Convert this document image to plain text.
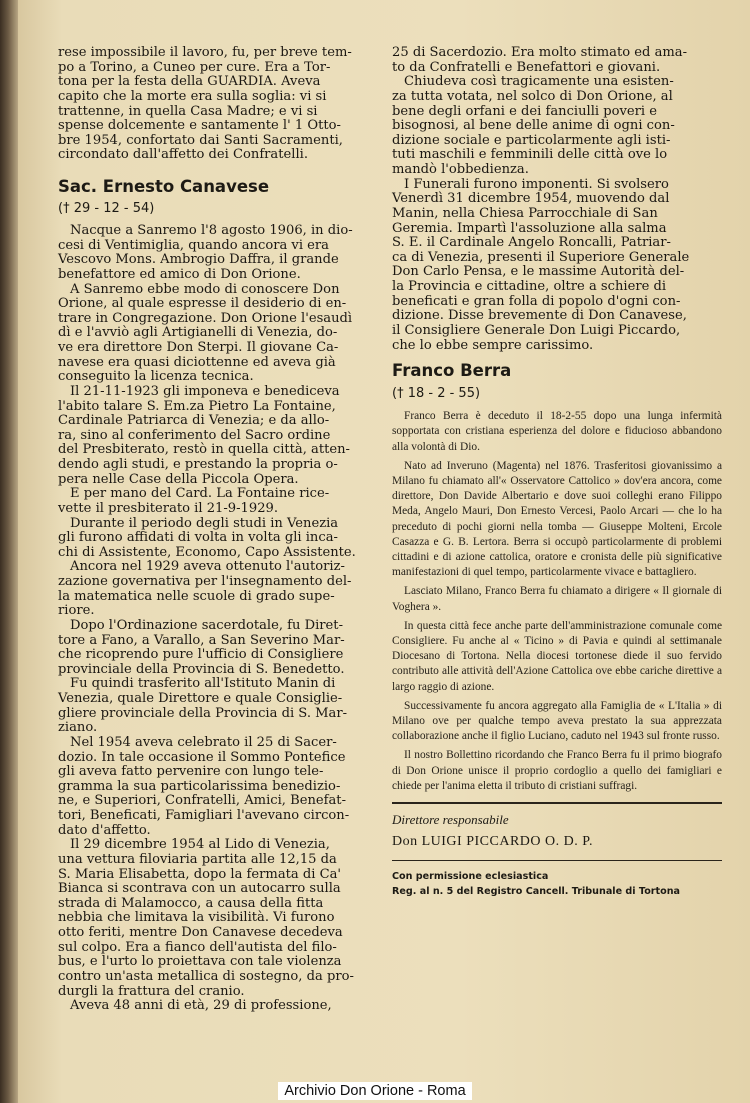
rese impossibile il lavoro, fu, per breve tem-

po a Torino, a Cuneo per cure. Era a Tor-

tona per la festa della GUARDIA. Aveva

capito che la morte era sulla soglia: vi si

trattenne, in quella Casa Madre; e vi si

spense dolcemente e santamente l' 1 Otto-

bre 1954, confortato dai Santi Sacramenti,

circondato dall'affetto dei Confratelli.

Sac. Ernesto Canavese

(† 29 - 12 - 54)

Nacque a Sanremo l'8 agosto 1906, in dio-

cesi di Ventimiglia, quando ancora vi era

Vescovo Mons. Ambrogio Daffra, il grande

benefattore ed amico di Don Orione.

A Sanremo ebbe modo di conoscere Don

Orione, al quale espresse il desiderio di en-

trare in Congregazione. Don Orione l'esaudì

dì e l'avviò agli Artigianelli di Venezia, do-

ve era direttore Don Sterpi. Il giovane Ca-

navese era quasi diciottenne ed aveva già

conseguito la licenza tecnica.

Il 21-11-1923 gli imponeva e benediceva

l'abito talare S. Em.za Pietro La Fontaine,

Cardinale Patriarca di Venezia; e da allo-

ra, sino al conferimento del Sacro ordine

del Presbiterato, restò in quella città, atten-

dendo agli studi, e prestando la propria o-

pera nelle Case della Piccola Opera.

E per mano del Card. La Fontaine rice-

vette il presbiterato il 21-9-1929.

Durante il periodo degli studi in Venezia

gli furono affidati di volta in volta gli inca-

chi di Assistente, Economo, Capo Assistente.

Ancora nel 1929 aveva ottenuto l'autoriz-

zazione governativa per l'insegnamento del-

la matematica nelle scuole di grado supe-

riore.

Dopo l'Ordinazione sacerdotale, fu Diret-

tore a Fano, a Varallo, a San Severino Mar-

che ricoprendo pure l'ufficio di Consigliere

provinciale della Provincia di S. Benedetto.

Fu quindi trasferito all'Istituto Manin di

Venezia, quale Direttore e quale Consiglie-

gliere provinciale della Provincia di S. Mar-

ziano.

Nel 1954 aveva celebrato il 25 di Sacer-

dozio. In tale occasione il Sommo Pontefice

gli aveva fatto pervenire con lungo tele-

gramma la sua particolarissima benedizio-

ne, e Superiori, Confratelli, Amici, Benefat-

tori, Beneficati, Famigliari l'avevano circon-

dato d'affetto.

Il 29 dicembre 1954 al Lido di Venezia,

una vettura filoviaria partita alle 12,15 da

S. Maria Elisabetta, dopo la fermata di Ca'

Bianca si scontrava con un autocarro sulla

strada di Malamocco, a causa della fitta

nebbia che limitava la visibilità. Vi furono

otto feriti, mentre Don Canavese decedeva

sul colpo. Era a fianco dell'autista del filo-

bus, e l'urto lo proiettava con tale violenza

contro un'asta metallica di sostegno, da pro-

durgli la frattura del cranio.

Aveva 48 anni di età, 29 di professione,

25 di Sacerdozio. Era molto stimato ed ama-

to da Confratelli e Benefattori e giovani.

Chiudeva così tragicamente una esisten-

za tutta votata, nel solco di Don Orione, al

bene degli orfani e dei fanciulli poveri e

bisognosi, al bene delle anime di ogni con-

dizione sociale e particolarmente agli isti-

tuti maschili e femminili delle città ove lo

mandò l'obbedienza.

I Funerali furono imponenti. Si svolsero

Venerdì 31 dicembre 1954, muovendo dal

Manin, nella Chiesa Parrocchiale di San

Geremia. Impartì l'assoluzione alla salma

S. E. il Cardinale Angelo Roncalli, Patriar-

ca di Venezia, presenti il Superiore Generale

Don Carlo Pensa, e le massime Autorità del-

la Provincia e cittadine, oltre a schiere di

beneficati e gran folla di popolo d'ogni con-

dizione. Disse brevemente di Don Canavese,

il Consigliere Generale Don Luigi Piccardo,

che lo ebbe sempre carissimo.

Franco Berra

(† 18 - 2 - 55)

Franco Berra è deceduto il 18-2-55 dopo una lunga infermità sopportata con cristiana esperienza del dolore e fiducioso abbandono alla volontà di Dio.

Nato ad Inveruno (Magenta) nel 1876. Trasferitosi giovanissimo a Milano fu chiamato all'« Osservatore Cattolico » dov'era ancora, come direttore, Don Davide Albertario e dove suoi colleghi erano Filippo Meda, Angelo Mauri, Don Ernesto Vercesi, Paolo Arcari — che lo ha preceduto di pochi giorni nella tomba — Giuseppe Molteni, Ercole Casazza e G. B. Lertora. Berra si occupò particolarmente di problemi cittadini e di azione cattolica, oratore e cronista delle più significative manifestazioni di quel tempo, particolarmente vivace e battagliero.

Lasciato Milano, Franco Berra fu chiamato a dirigere « Il giornale di Voghera ».

In questa città fece anche parte dell'amministrazione comunale come Consigliere. Fu anche al « Ticino » di Pavia e quindi al settimanale Diocesano di Tortona. Nella diocesi tortonese diede il suo fervido contributo alle attività dell'Azione Cattolica ove ebbe cariche direttive a largo raggio di azione.

Successivamente fu ancora aggregato alla Famiglia de « L'Italia » di Milano ove per qualche tempo aveva prestato la sua apprezzata collaborazione anche il figlio Luciano, caduto nel 1943 sul fronte russo.

Il nostro Bollettino ricordando che Franco Berra fu il primo biografo di Don Orione unisce il proprio cordoglio a quello dei famigliari e chiede per l'anima eletta il tributo di cristiani suffragi.

Direttore responsabile

Don LUIGI PICCARDO O. D. P.

Con permissione eclesiastica

Reg. al n. 5 del Registro Cancell. Tribunale di Tortona

Archivio Don Orione - Roma
